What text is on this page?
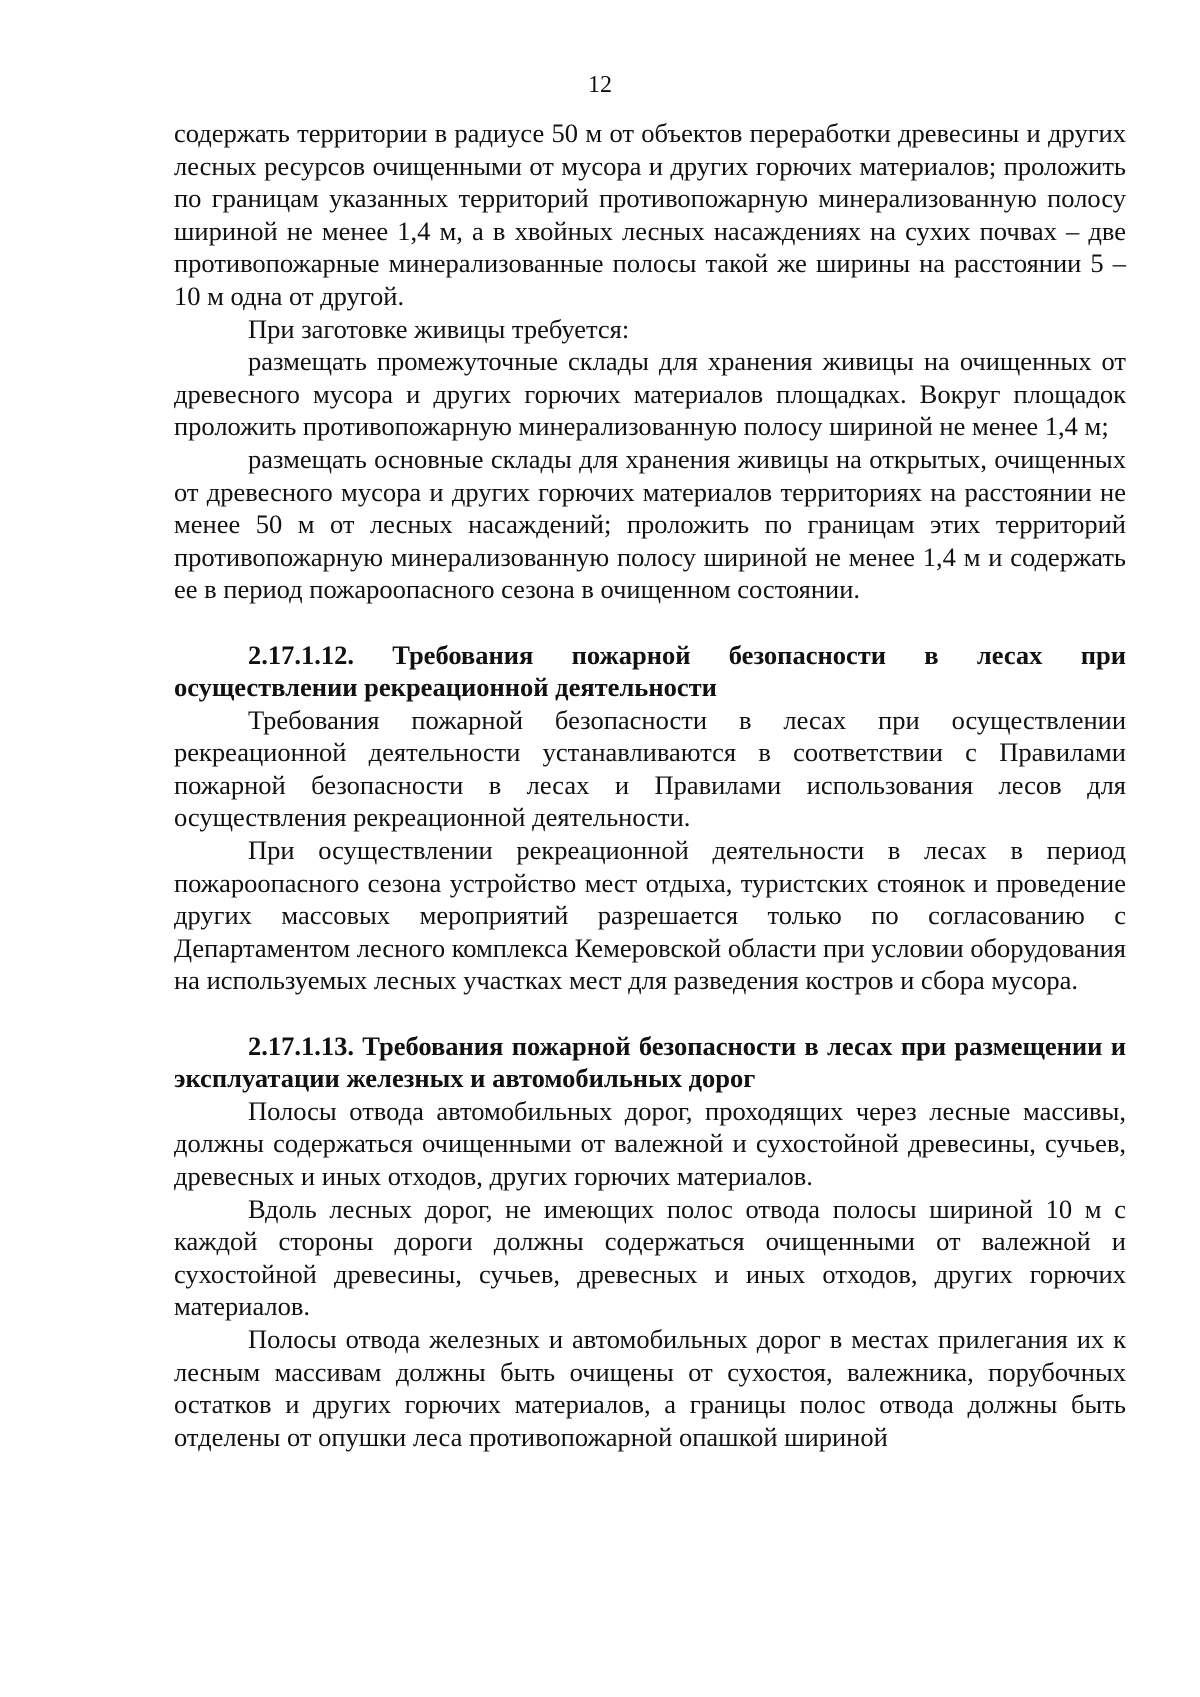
12

содержать территории в радиусе 50 м от объектов переработки древесины и других лесных ресурсов очищенными от мусора и других горючих материалов; проложить по границам указанных территорий противопожарную минерализованную полосу шириной не менее 1,4 м, а в хвойных лесных насаждениях на сухих почвах – две противопожарные минерализованные полосы такой же ширины на расстоянии 5 – 10 м одна от другой.

При заготовке живицы требуется:

размещать промежуточные склады для хранения живицы на очищенных от древесного мусора и других горючих материалов площадках. Вокруг площадок проложить противопожарную минерализованную полосу шириной не менее 1,4 м;

размещать основные склады для хранения живицы на открытых, очищенных от древесного мусора и других горючих материалов территориях на расстоянии не менее 50 м от лесных насаждений; проложить по границам этих территорий противопожарную минерализованную полосу шириной не менее 1,4 м и содержать ее в период пожароопасного сезона в очищенном состоянии.

2.17.1.12. Требования пожарной безопасности в лесах при осуществлении рекреационной деятельности

Требования пожарной безопасности в лесах при осуществлении рекреационной деятельности устанавливаются в соответствии с Правилами пожарной безопасности в лесах и Правилами использования лесов для осуществления рекреационной деятельности.

При осуществлении рекреационной деятельности в лесах в период пожароопасного сезона устройство мест отдыха, туристских стоянок и проведение других массовых мероприятий разрешается только по согласованию с Департаментом лесного комплекса Кемеровской области при условии оборудования на используемых лесных участках мест для разведения костров и сбора мусора.

2.17.1.13. Требования пожарной безопасности в лесах при размещении и эксплуатации железных и автомобильных дорог

Полосы отвода автомобильных дорог, проходящих через лесные массивы, должны содержаться очищенными от валежной и сухостойной древесины, сучьев, древесных и иных отходов, других горючих материалов.

Вдоль лесных дорог, не имеющих полос отвода полосы шириной 10 м с каждой стороны дороги должны содержаться очищенными от валежной и сухостойной древесины, сучьев, древесных и иных отходов, других горючих материалов.

Полосы отвода железных и автомобильных дорог в местах прилегания их к лесным массивам должны быть очищены от сухостоя, валежника, порубочных остатков и других горючих материалов, а границы полос отвода должны быть отделены от опушки леса противопожарной опашкой шириной
